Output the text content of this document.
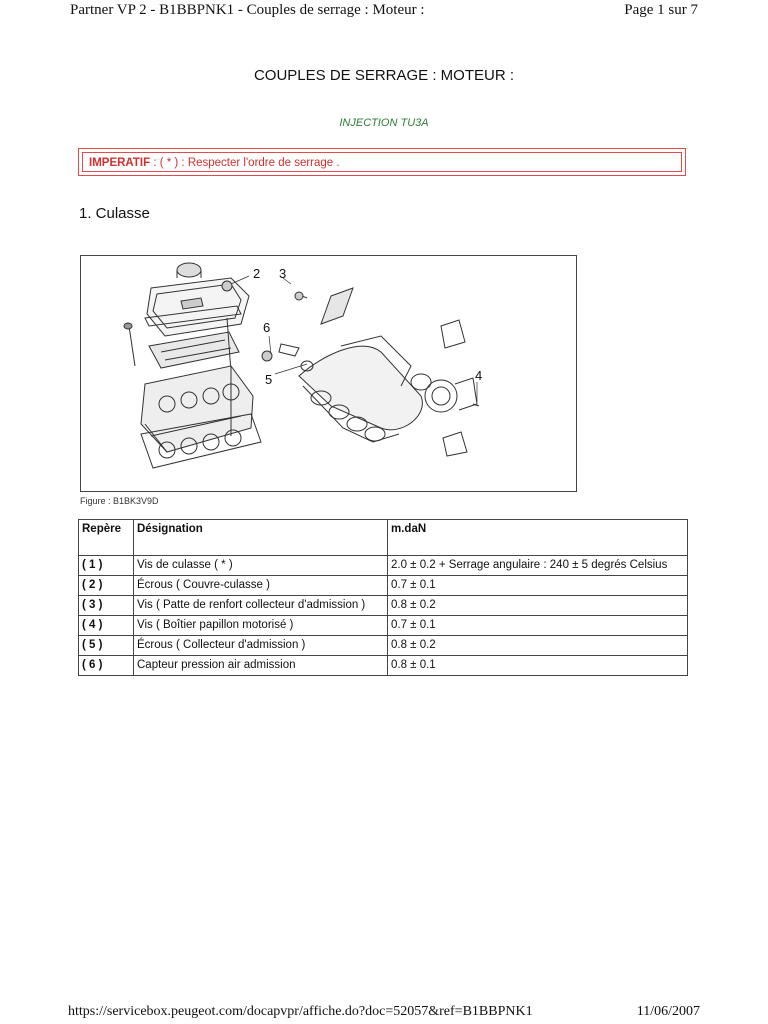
Partner VP 2 - B1BBPNK1 - Couples de serrage : Moteur :	Page 1 sur 7
COUPLES DE SERRAGE : MOTEUR :
INJECTION TU3A
IMPERATIF : ( * ) : Respecter l'ordre de serrage .
1. Culasse
2 3
6
5	4
Figure : B1BK3V9D
Repère	Désignation	m.daN
( 1 )	Vis de culasse ( * )	2.0 ± 0.2 + Serrage angulaire : 240 ± 5 degrés Celsius
( 2 )	Écrous ( Couvre-culasse )	0.7 ± 0.1
( 3 )	Vis ( Patte de renfort collecteur d'admission )	0.8 ± 0.2
( 4 )	Vis ( Boîtier papillon motorisé )	0.7 ± 0.1
( 5 )	Écrous ( Collecteur d'admission )	0.8 ± 0.2
( 6 )	Capteur pression air admission	0.8 ± 0.1
https://servicebox.peugeot.com/docapvpr/affiche.do?doc=52057&ref=B1BBPNK1	11/06/2007
